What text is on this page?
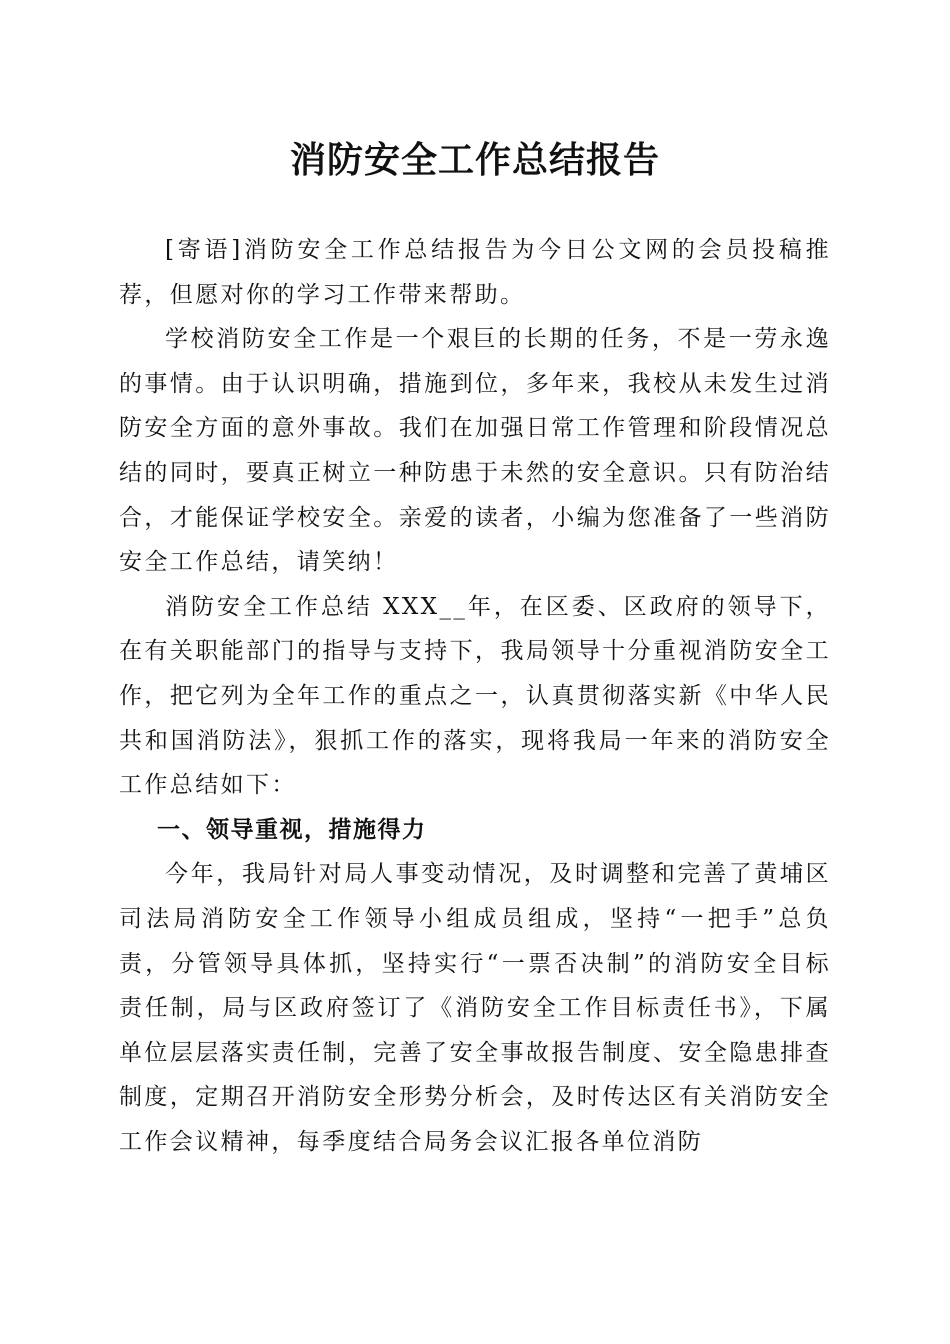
消防安全工作总结报告

[寄语]消防安全工作总结报告为今日公文网的会员投稿推荐，但愿对你的学习工作带来帮助。

学校消防安全工作是一个艰巨的长期的任务，不是一劳永逸的事情。由于认识明确，措施到位，多年来，我校从未发生过消防安全方面的意外事故。我们在加强日常工作管理和阶段情况总结的同时，要真正树立一种防患于未然的安全意识。只有防治结合，才能保证学校安全。亲爱的读者，小编为您准备了一些消防安全工作总结，请笑纳！

消防安全工作总结 XXX__年，在区委、区政府的领导下，在有关职能部门的指导与支持下，我局领导十分重视消防安全工作，把它列为全年工作的重点之一，认真贯彻落实新《中华人民共和国消防法》，狠抓工作的落实，现将我局一年来的消防安全工作总结如下：

一、领导重视，措施得力

今年，我局针对局人事变动情况，及时调整和完善了黄埔区司法局消防安全工作领导小组成员组成，坚持“一把手”总负责，分管领导具体抓，坚持实行“一票否决制”的消防安全目标责任制，局与区政府签订了《消防安全工作目标责任书》，下属单位层层落实责任制，完善了安全事故报告制度、安全隐患排查制度，定期召开消防安全形势分析会，及时传达区有关消防安全工作会议精神，每季度结合局务会议汇报各单位消防
